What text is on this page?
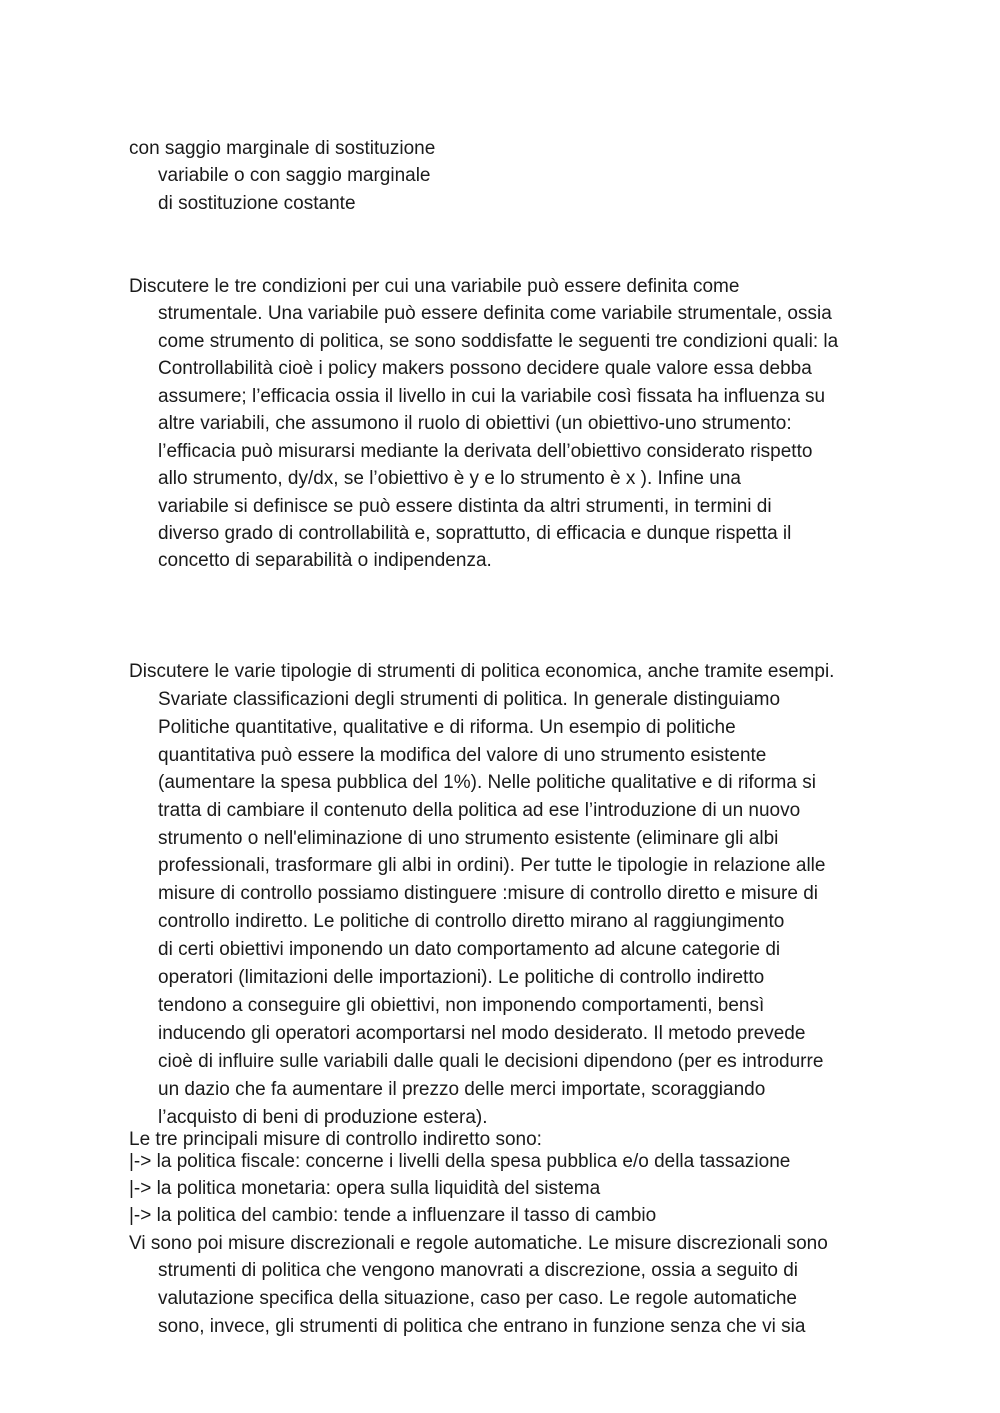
con saggio marginale di sostituzione

variabile o con saggio marginale

di sostituzione costante

Discutere le tre condizioni per cui una variabile può essere definita come

strumentale. Una variabile può essere definita come variabile strumentale, ossia

come strumento di politica, se sono soddisfatte le seguenti tre condizioni quali: la

Controllabilità cioè i policy makers possono decidere quale valore essa debba

assumere; l’efficacia ossia il livello in cui la variabile così fissata ha influenza su

altre variabili, che assumono il ruolo di obiettivi (un obiettivo-uno strumento:

l’efficacia può misurarsi mediante la derivata dell’obiettivo considerato rispetto

allo strumento, dy/dx, se l’obiettivo è y e lo strumento è x ). Infine una

variabile si definisce se può essere distinta da altri strumenti, in termini di

diverso grado di controllabilità e, soprattutto, di efficacia e dunque rispetta il

concetto di separabilità o indipendenza.

Discutere le varie tipologie di strumenti di politica economica, anche tramite esempi.

Svariate classificazioni degli strumenti di politica. In generale distinguiamo

Politiche quantitative, qualitative e di riforma. Un esempio di politiche

quantitativa può essere la modifica del valore di uno strumento esistente

(aumentare la spesa pubblica del 1%). Nelle politiche qualitative e di riforma si

tratta di cambiare il contenuto della politica ad ese l’introduzione di un nuovo

strumento o nell'eliminazione di uno strumento esistente (eliminare gli albi

professionali, trasformare gli albi in ordini). Per tutte le tipologie in relazione alle

misure di controllo possiamo distinguere :misure di controllo diretto e misure di

controllo indiretto. Le politiche di controllo diretto mirano al raggiungimento

di certi obiettivi imponendo un dato comportamento ad alcune categorie di

operatori (limitazioni delle importazioni). Le politiche di controllo indiretto

tendono a conseguire gli obiettivi, non imponendo comportamenti, bensì

inducendo gli operatori acomportarsi nel modo desiderato. Il metodo prevede

cioè di influire sulle variabili dalle quali le decisioni dipendono (per es introdurre

un dazio che fa aumentare il prezzo delle merci importate, scoraggiando

l’acquisto di beni di produzione estera).

Le tre principali misure di controllo indiretto sono:

|-> la politica fiscale: concerne i livelli della spesa pubblica e/o della tassazione

|-> la politica monetaria: opera sulla liquidità del sistema

|-> la politica del cambio: tende a influenzare il tasso di cambio

Vi sono poi misure discrezionali e regole automatiche. Le misure discrezionali sono

strumenti di politica che vengono manovrati a discrezione, ossia a seguito di

valutazione specifica della situazione, caso per caso. Le regole automatiche

sono, invece, gli strumenti di politica che entrano in funzione senza che vi sia
